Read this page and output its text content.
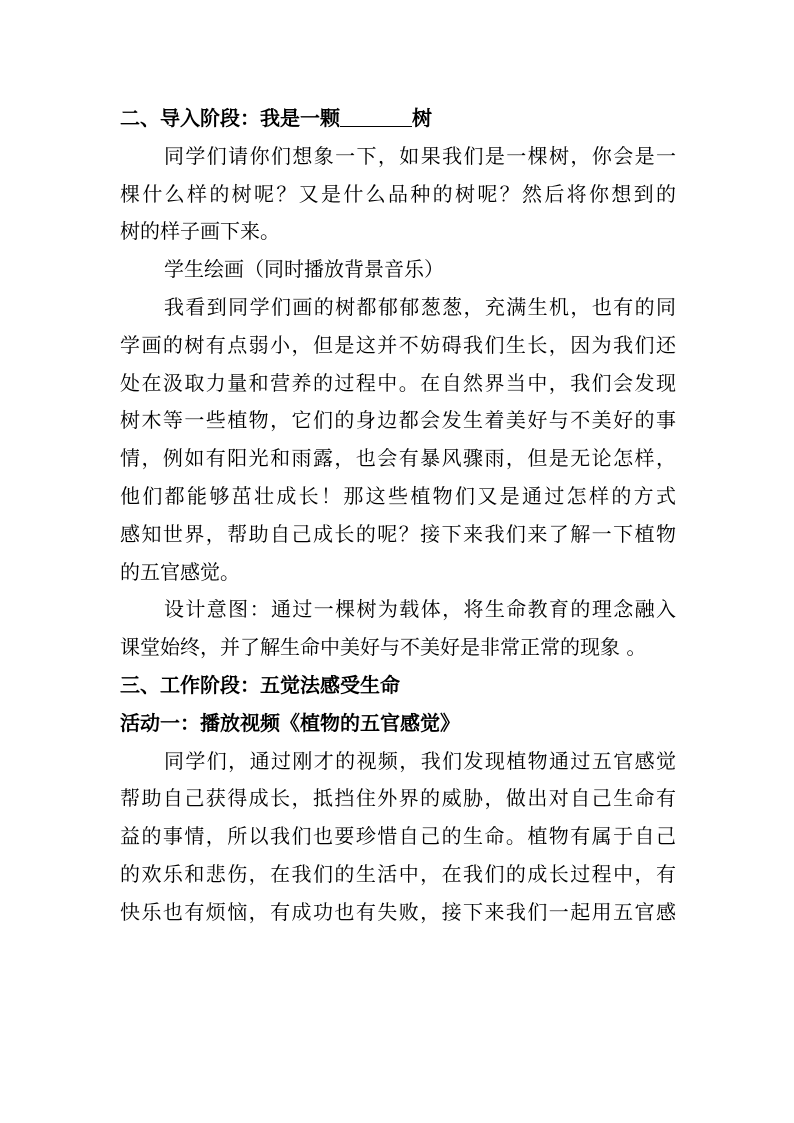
二、导入阶段：我是一颗	树
同学们请你们想象一下，如果我们是一棵树，你会是一
棵什么样的树呢？又是什么品种的树呢？然后将你想到的
树的样子画下来。
学生绘画（同时播放背景音乐）
我看到同学们画的树都郁郁葱葱，充满生机，也有的同
学画的树有点弱小，但是这并不妨碍我们生长，因为我们还
处在汲取力量和营养的过程中。在自然界当中，我们会发现
树木等一些植物，它们的身边都会发生着美好与不美好的事
情，例如有阳光和雨露，也会有暴风骤雨，但是无论怎样，
他们都能够茁壮成长！那这些植物们又是通过怎样的方式
感知世界，帮助自己成长的呢？接下来我们来了解一下植物
的五官感觉。
设计意图：通过一棵树为载体，将生命教育的理念融入
课堂始终，并了解生命中美好与不美好是非常正常的现象 。
三、工作阶段：五觉法感受生命
活动一：播放视频《植物的五官感觉》
同学们，通过刚才的视频，我们发现植物通过五官感觉
帮助自己获得成长，抵挡住外界的威胁，做出对自己生命有
益的事情，所以我们也要珍惜自己的生命。植物有属于自己
的欢乐和悲伤，在我们的生活中，在我们的成长过程中，有
快乐也有烦恼，有成功也有失败，接下来我们一起用五官感
